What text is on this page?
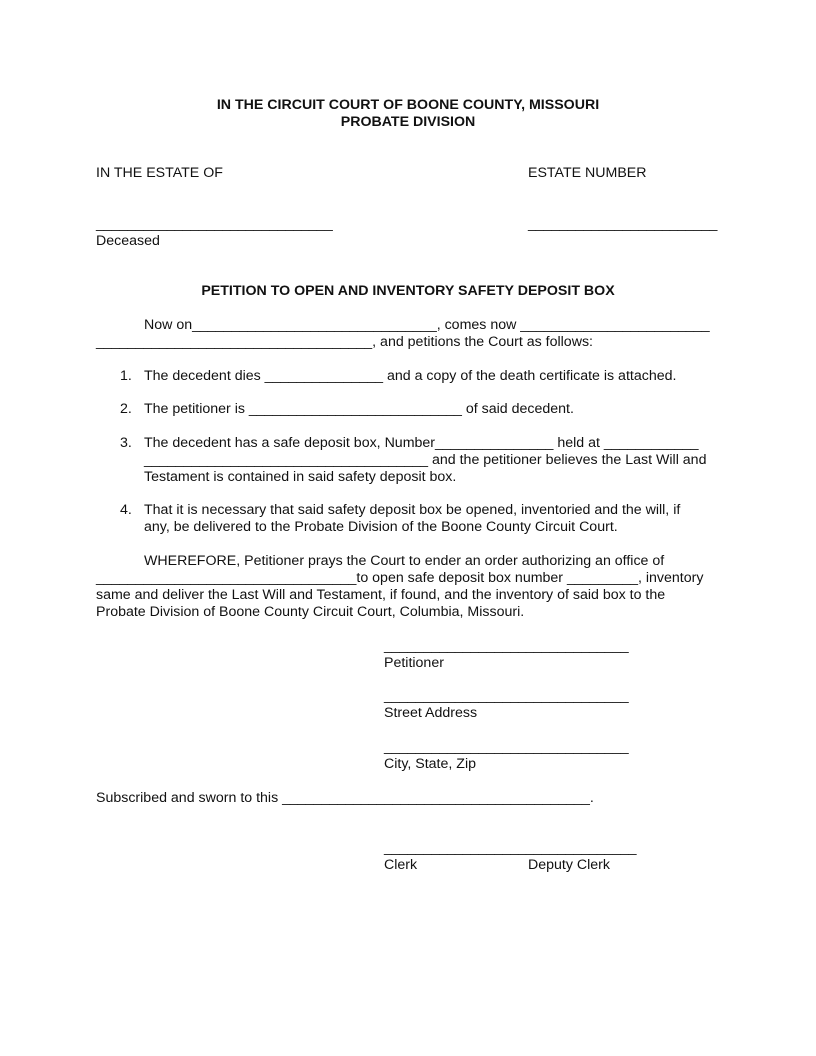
IN THE CIRCUIT COURT OF BOONE COUNTY, MISSOURI
PROBATE DIVISION
IN THE ESTATE OF	ESTATE NUMBER
______________________________	________________________
Deceased
PETITION TO OPEN AND INVENTORY SAFETY DEPOSIT BOX
Now on_______________________________, comes now ________________________
___________________________________, and petitions the Court as follows:
1. The decedent dies _______________ and a copy of the death certificate is attached.
2. The petitioner is ___________________________ of said decedent.
3. The decedent has a safe deposit box, Number_______________ held at ____________
____________________________________ and the petitioner believes the Last Will and
Testament is contained in said safety deposit box.
4. That it is necessary that said safety deposit box be opened, inventoried and the will, if
any, be delivered to the Probate Division of the Boone County Circuit Court.
WHEREFORE, Petitioner prays the Court to ender an order authorizing an office of
_________________________________to open safe deposit box number _________, inventory
same and deliver the Last Will and Testament, if found, and the inventory of said box to the
Probate Division of Boone County Circuit Court, Columbia, Missouri.
_______________________________
Petitioner
_______________________________
Street Address
_______________________________
City, State, Zip
Subscribed and sworn to this _______________________________________.
________________________________
Clerk	Deputy Clerk
